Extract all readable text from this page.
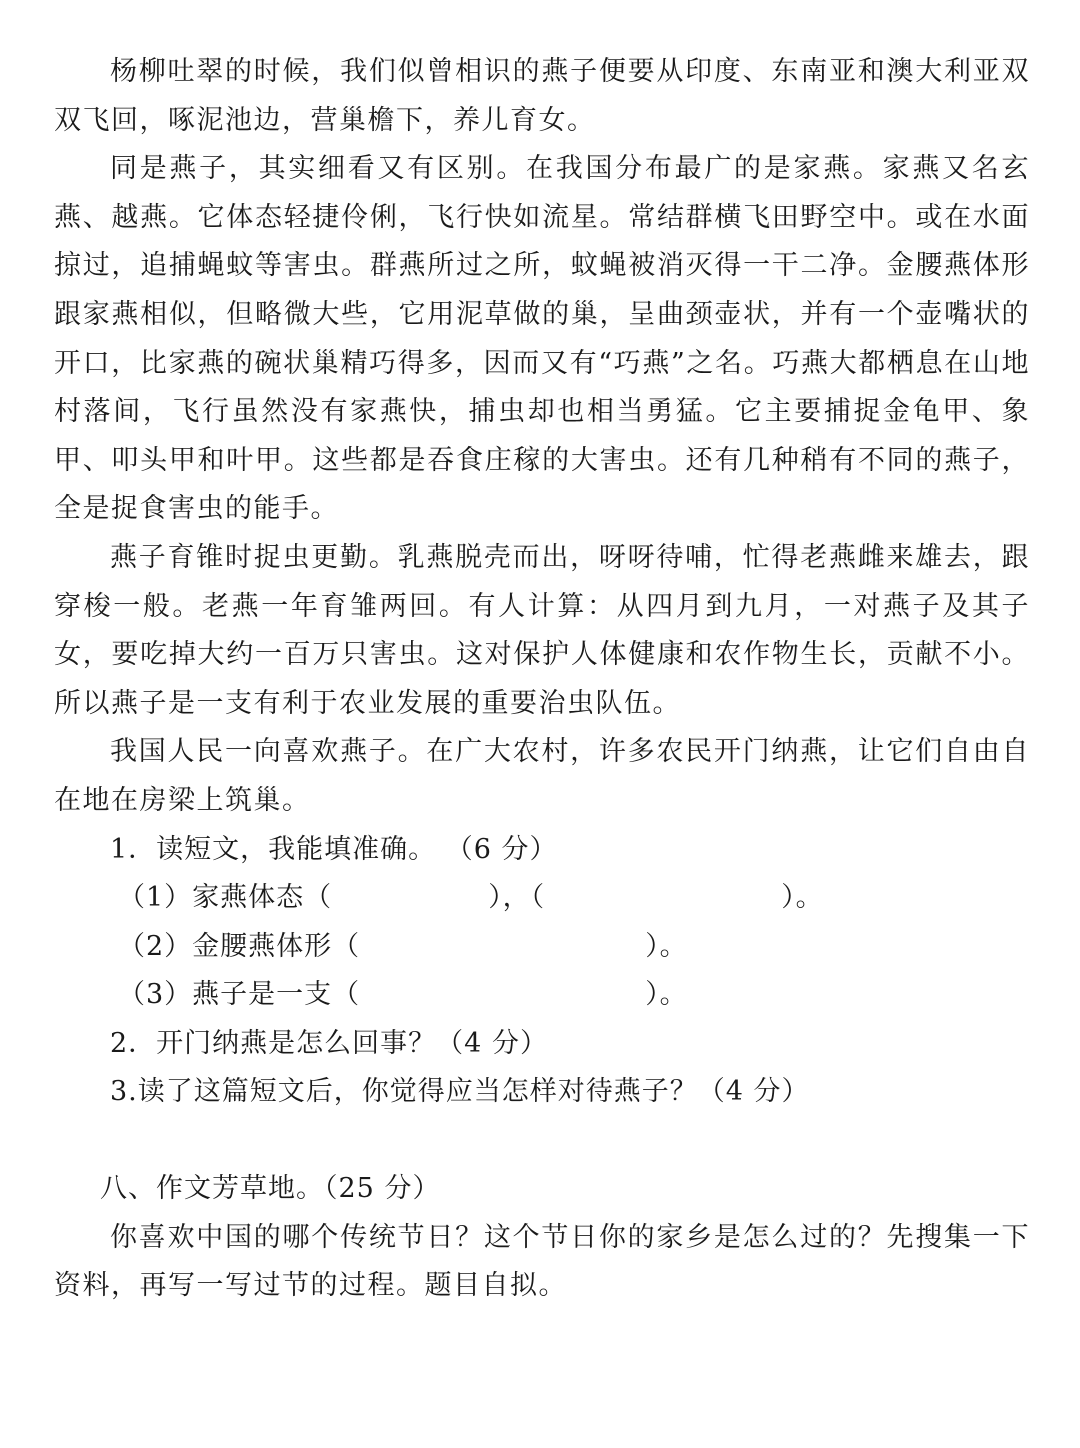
杨柳吐翠的时候，我们似曾相识的燕子便要从印度、东南亚和澳大利亚双双飞回，啄泥池边，营巢檐下，养儿育女。

同是燕子，其实细看又有区别。在我国分布最广的是家燕。家燕又名玄燕、越燕。它体态轻捷伶俐，飞行快如流星。常结群横飞田野空中。或在水面掠过，追捕蝇蚊等害虫。群燕所过之所，蚊蝇被消灭得一干二净。金腰燕体形跟家燕相似，但略微大些，它用泥草做的巢，呈曲颈壶状，并有一个壶嘴状的开口，比家燕的碗状巢精巧得多，因而又有“巧燕”之名。巧燕大都栖息在山地村落间，飞行虽然没有家燕快，捕虫却也相当勇猛。它主要捕捉金龟甲、象甲、叩头甲和叶甲。这些都是吞食庄稼的大害虫。还有几种稍有不同的燕子，全是捉食害虫的能手。

燕子育锥时捉虫更勤。乳燕脱壳而出，呀呀待哺，忙得老燕雌来雄去，跟穿梭一般。老燕一年育雏两回。有人计算：从四月到九月，一对燕子及其子女，要吃掉大约一百万只害虫。这对保护人体健康和农作物生长，贡献不小。所以燕子是一支有利于农业发展的重要治虫队伍。

我国人民一向喜欢燕子。在广大农村，许多农民开门纳燕，让它们自由自在地在房梁上筑巢。

1．读短文，我能填准确。 （6 分）

（1）家燕体态（	），（	）。

（2）金腰燕体形（	）。

（3）燕子是一支（	）。

2．开门纳燕是怎么回事？（4 分）

3.读了这篇短文后，你觉得应当怎样对待燕子？（4 分）

八、作文芳草地。（25 分）

你喜欢中国的哪个传统节日？这个节日你的家乡是怎么过的？先搜集一下资料，再写一写过节的过程。题目自拟。
